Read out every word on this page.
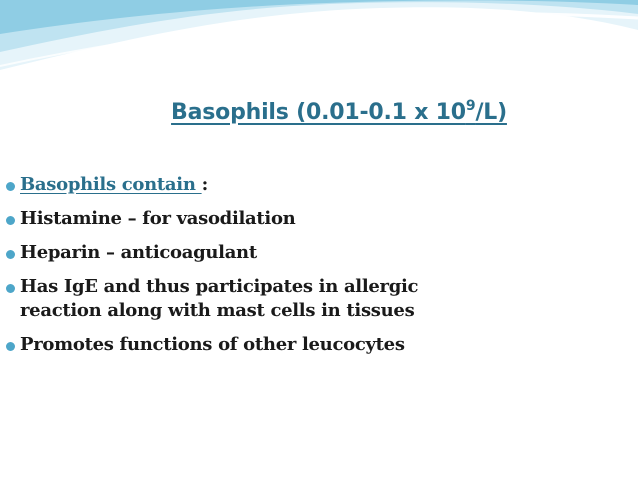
Basophils (0.01-0.1 x $10^9/L$)
Basophils contain :

Histamine – for vasodilation

Heparin – anticoagulant

Has IgE and thus participates in allergic
reaction along with mast cells in tissues

Promotes functions of other leucocytes
